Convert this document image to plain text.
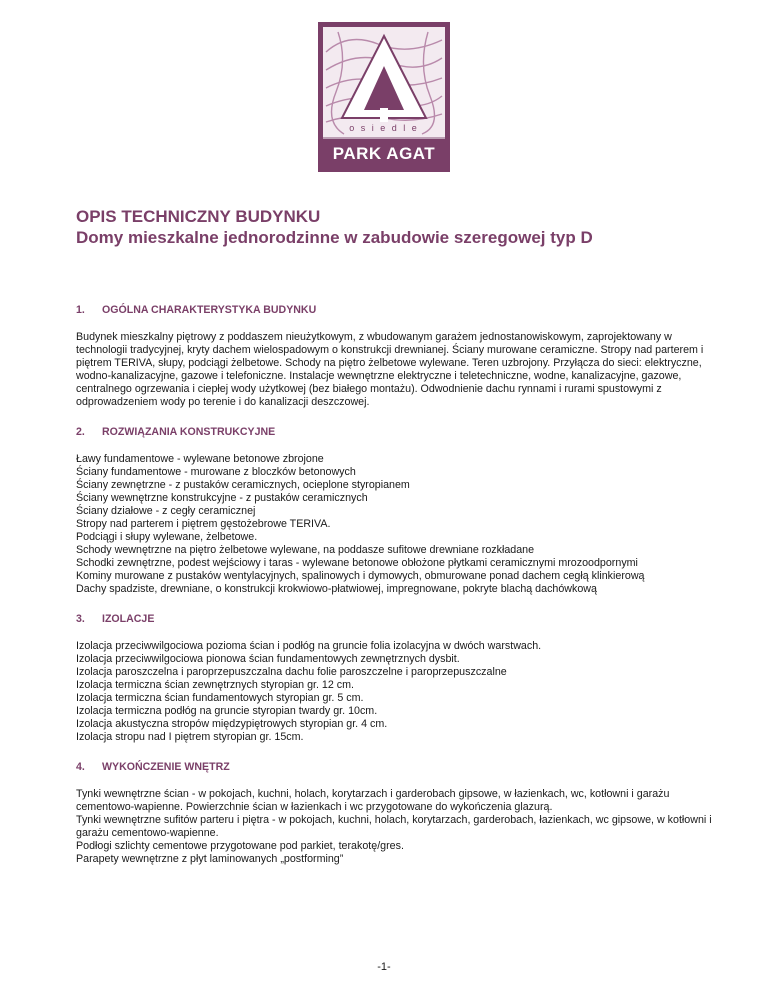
o s i e d l e
PARK AGAT
OPIS TECHNICZNY BUDYNKU
Domy mieszkalne jednorodzinne w zabudowie szeregowej typ D
1.	OGÓLNA CHARAKTERYSTYKA BUDYNKU

Budynek mieszkalny piętrowy z poddaszem nieużytkowym, z wbudowanym garażem jednostanowiskowym, zaprojektowany w technologii tradycyjnej, kryty dachem wielospadowym o konstrukcji drewnianej. Ściany murowane ceramiczne. Stropy nad parterem i piętrem TERIVA, słupy, podciągi żelbetowe. Schody na piętro żelbetowe wylewane. Teren uzbrojony. Przyłącza do sieci: elektryczne, wodno-kanalizacyjne, gazowe i telefoniczne. Instalacje wewnętrzne elektryczne i teletechniczne, wodne, kanalizacyjne, gazowe, centralnego ogrzewania i ciepłej wody użytkowej (bez białego montażu). Odwodnienie dachu rynnami i rurami spustowymi z odprowadzeniem wody po terenie i do kanalizacji deszczowej.

2.	ROZWIĄZANIA KONSTRUKCYJNE
Ławy fundamentowe - wylewane betonowe zbrojone
Ściany fundamentowe - murowane z bloczków betonowych
Ściany zewnętrzne - z pustaków ceramicznych, ocieplone styropianem
Ściany wewnętrzne konstrukcyjne - z pustaków ceramicznych
Ściany działowe - z cegły ceramicznej
Stropy nad parterem i piętrem gęstożebrowe TERIVA.
Podciągi i słupy wylewane, żelbetowe.
Schody wewnętrzne na piętro żelbetowe wylewane, na poddasze sufitowe drewniane rozkładane
Schodki zewnętrzne, podest wejściowy i taras - wylewane betonowe obłożone płytkami ceramicznymi mrozoodpornymi
Kominy murowane z pustaków wentylacyjnych, spalinowych i dymowych, obmurowane ponad dachem cegłą klinkierową
Dachy spadziste, drewniane, o konstrukcji krokwiowo-płatwiowej, impregnowane, pokryte blachą dachówkową
3.	IZOLACJE
Izolacja przeciwwilgociowa pozioma ścian i podłóg na gruncie folia izolacyjna w dwóch warstwach.
Izolacja przeciwwilgociowa pionowa ścian fundamentowych zewnętrznych dysbit.
Izolacja paroszczelna i paroprzepuszczalna dachu folie paroszczelne i paroprzepuszczalne
Izolacja termiczna ścian zewnętrznych styropian gr. 12 cm.
Izolacja termiczna ścian fundamentowych styropian gr. 5 cm.
Izolacja termiczna podłóg na gruncie styropian twardy gr. 10cm.
Izolacja akustyczna stropów międzypiętrowych styropian gr. 4 cm.
Izolacja stropu nad I piętrem styropian gr. 15cm.
4.	WYKOŃCZENIE WNĘTRZ

Tynki wewnętrzne ścian - w pokojach, kuchni, holach, korytarzach i garderobach gipsowe, w łazienkach, wc, kotłowni i garażu cementowo-wapienne. Powierzchnie ścian w łazienkach i wc przygotowane do wykończenia glazurą.

Tynki wewnętrzne sufitów parteru i piętra - w pokojach, kuchni, holach, korytarzach, garderobach, łazienkach, wc gipsowe, w kotłowni i garażu cementowo-wapienne.

Podłogi szlichty cementowe przygotowane pod parkiet, terakotę/gres.

Parapety wewnętrzne z płyt laminowanych „postforming”

-1-
